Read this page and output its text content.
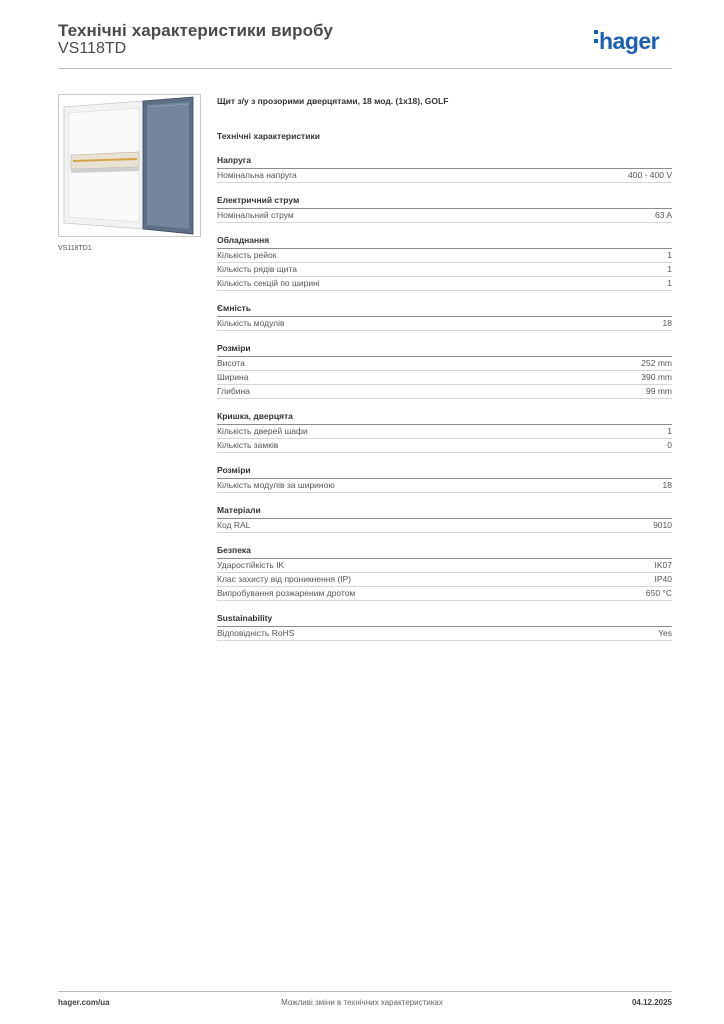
Технічні характеристики виробу
VS118TD	hager
VS118TD1
Щит з/у з прозорими дверцятами, 18 мод. (1x18), GOLF
Технічні характеристики
Напруга
Номінальна напруга	400 - 400 V
Електричний струм
Номінальний струм	63 A
Обладнання
Кількість рейок	1
Кількість рядів щита	1
Кількість секцій по ширині	1
Ємність
Кількість модулів	18
Розміри
Висота	252 mm
Ширина	390 mm
Глибина	99 mm
Кришка, дверцята
Кількість дверей шафи	1
Кількість замків	0
Розміри
Кількість модулів за шириною	18
Матеріали
Код RAL	9010
Безпека
Ударостійкість IK	IK07
Клас захисту від проникнення (IP)	IP40
Випробування розжареним дротом	650 °C
Sustainability
Відповідність RoHS	Yes
hager.com/ua	Можливі зміни в технічних характеристиках	04.12.2025
